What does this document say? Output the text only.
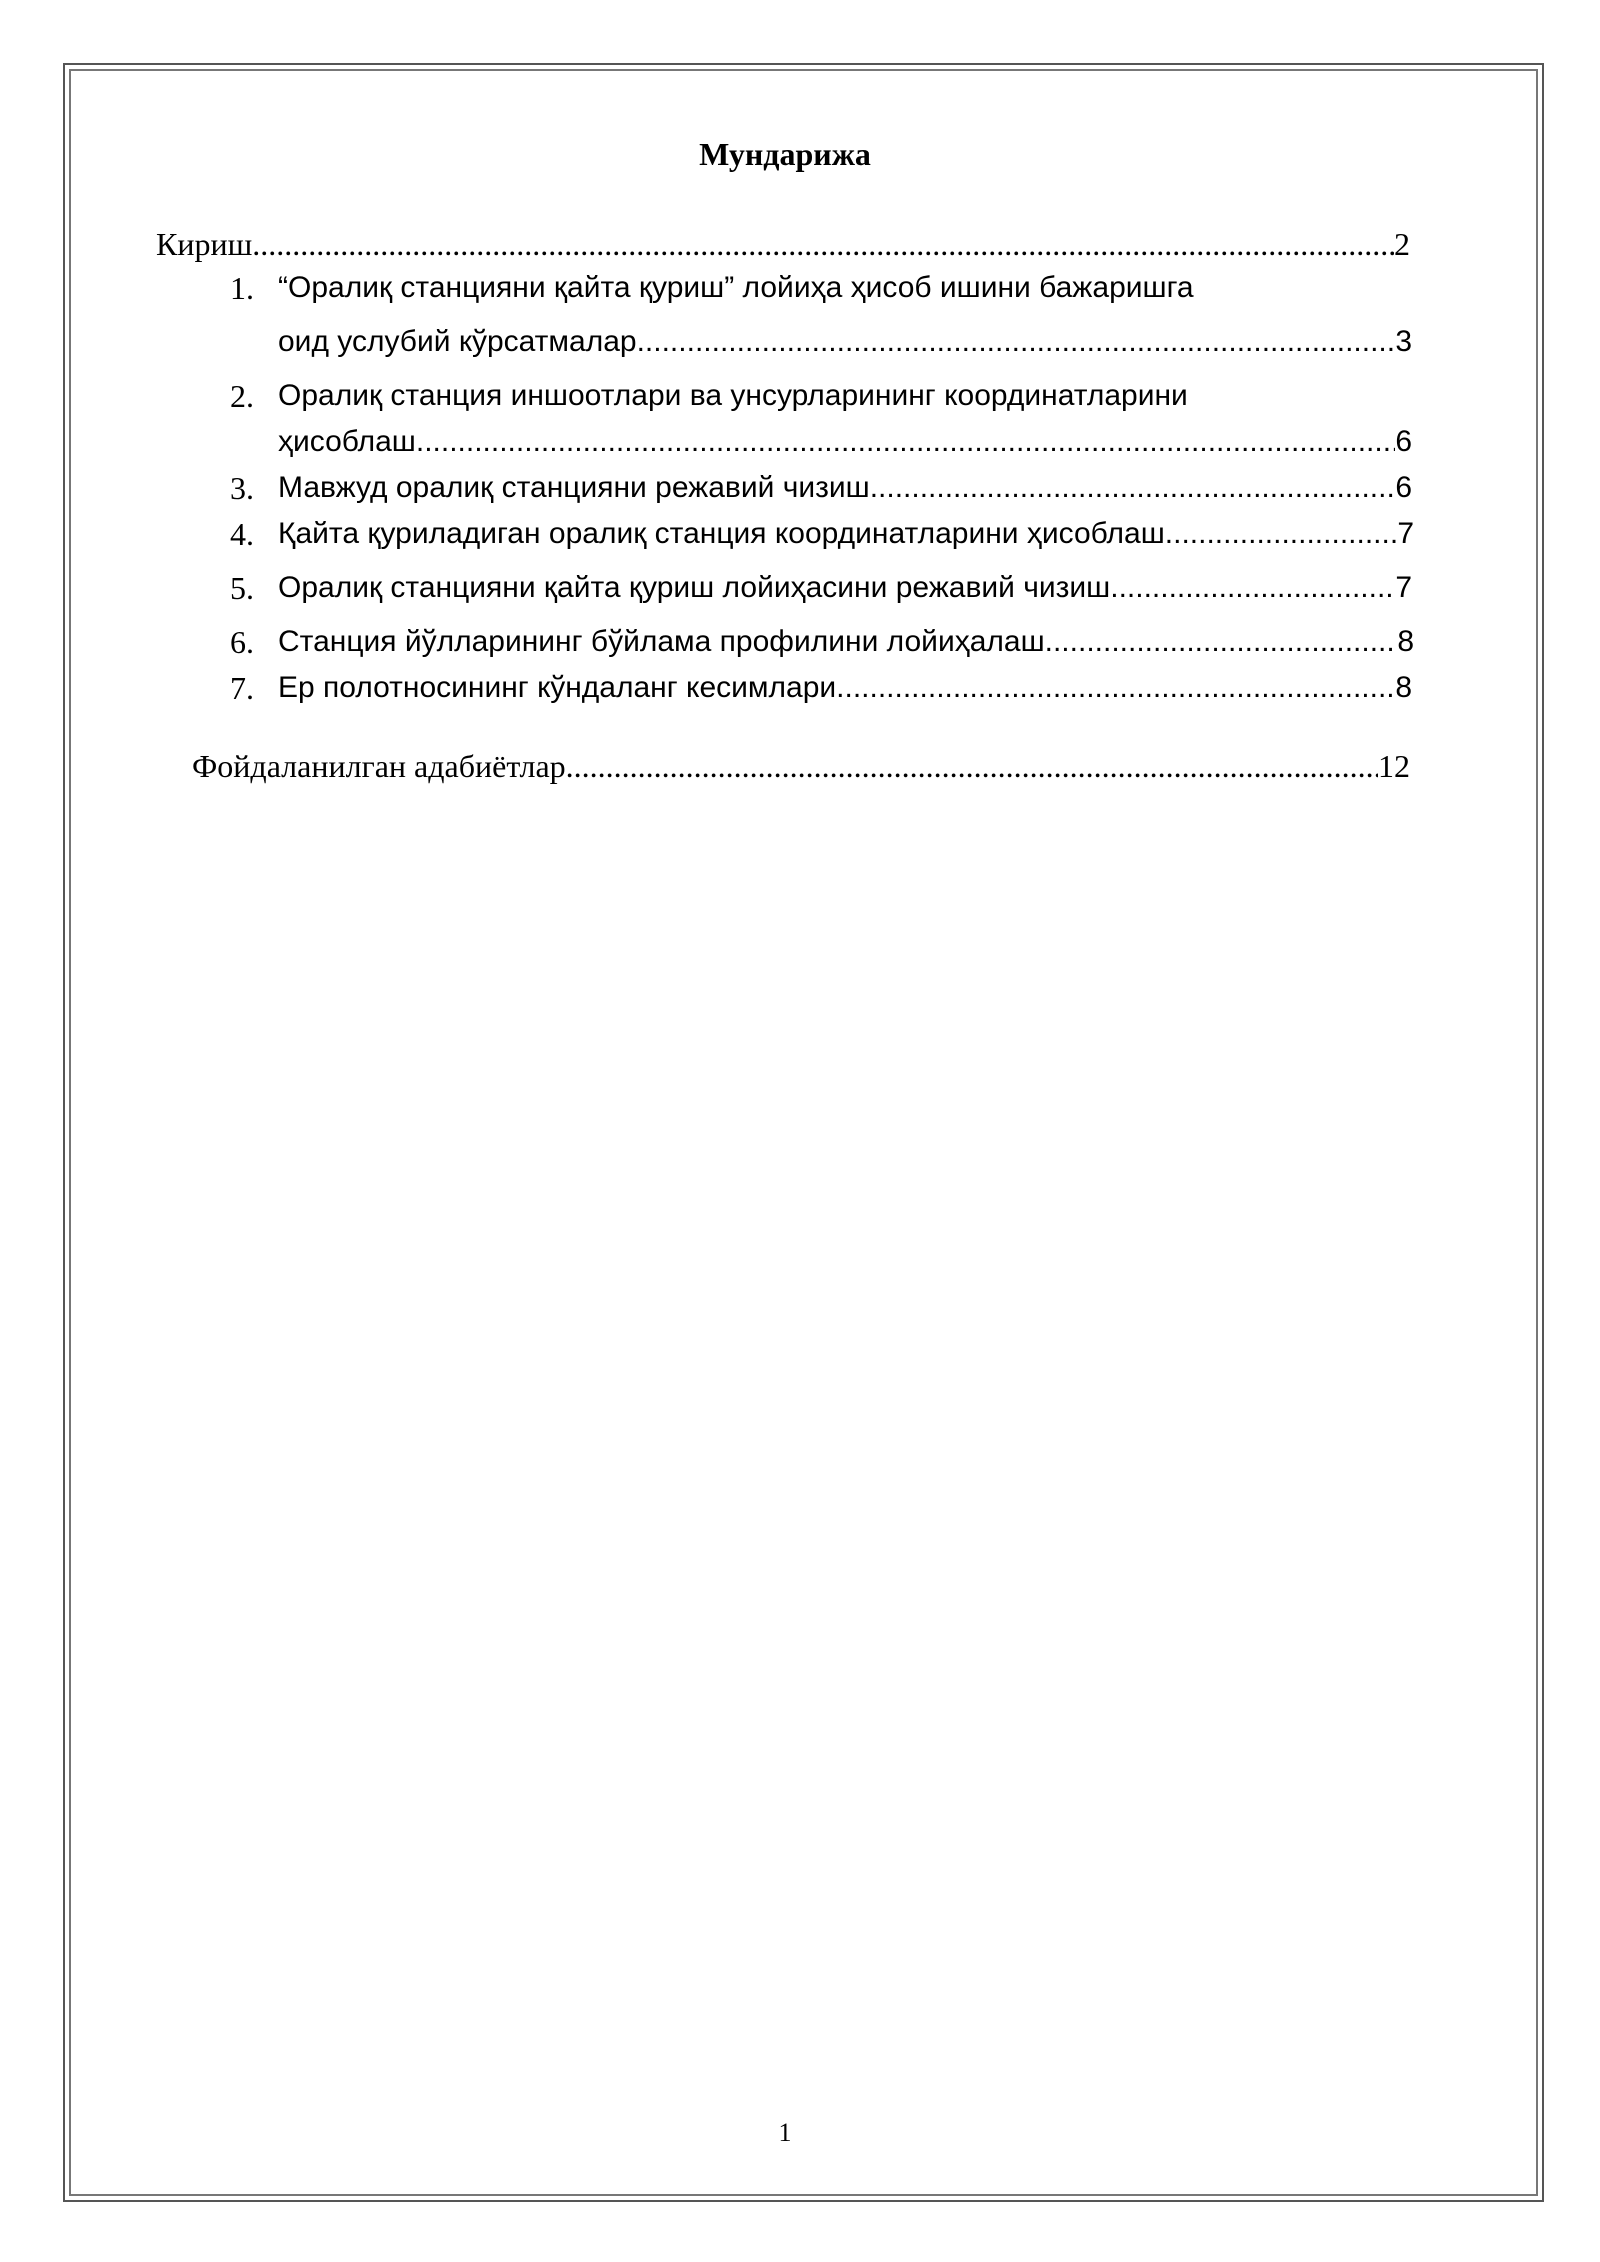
Мундарижа
Кириш .....	2
1. “Оралиқ станцияни қайта қуриш” лойиҳа ҳисоб ишини бажаришга
оид услубий кўрсатмалар .....	3
2. Оралиқ станция иншоотлари ва унсурларининг координатларини
ҳисоблаш .....	6
3. Мавжуд оралиқ станцияни режавий чизиш .....	6
4. Қайта қуриладиган оралиқ станция координатларини ҳисоблаш .....	7
5. Оралиқ станцияни қайта қуриш лойиҳасини режавий чизиш .....	7
6. Станция йўлларининг бўйлама профилини лойиҳалаш .....	8
7. Ер полотносининг кўндаланг кесимлари .....	8
Фойдаланилган адабиётлар .....	12
1
